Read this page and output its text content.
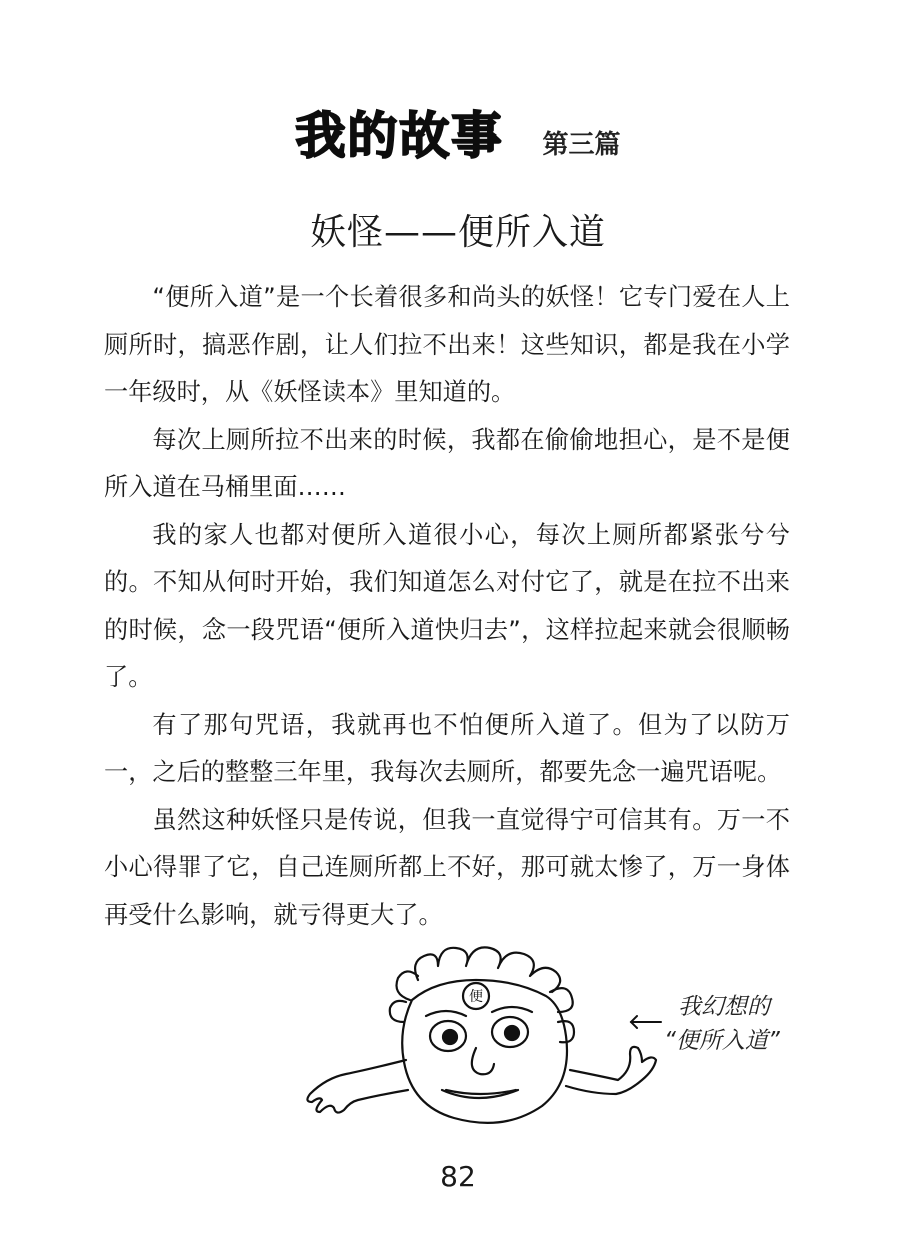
我的故事 第三篇
妖怪——便所入道

“便所入道”是一个长着很多和尚头的妖怪！它专门爱在人上厕所时，搞恶作剧，让人们拉不出来！这些知识，都是我在小学一年级时，从《妖怪读本》里知道的。

每次上厕所拉不出来的时候，我都在偷偷地担心，是不是便所入道在马桶里面……

我的家人也都对便所入道很小心，每次上厕所都紧张兮兮的。不知从何时开始，我们知道怎么对付它了，就是在拉不出来的时候，念一段咒语“便所入道快归去”，这样拉起来就会很顺畅了。

有了那句咒语，我就再也不怕便所入道了。但为了以防万一，之后的整整三年里，我每次去厕所，都要先念一遍咒语呢。

虽然这种妖怪只是传说，但我一直觉得宁可信其有。万一不小心得罪了它，自己连厕所都上不好，那可就太惨了，万一身体再受什么影响，就亏得更大了。

便	我幻想的
“便所入道”
82
